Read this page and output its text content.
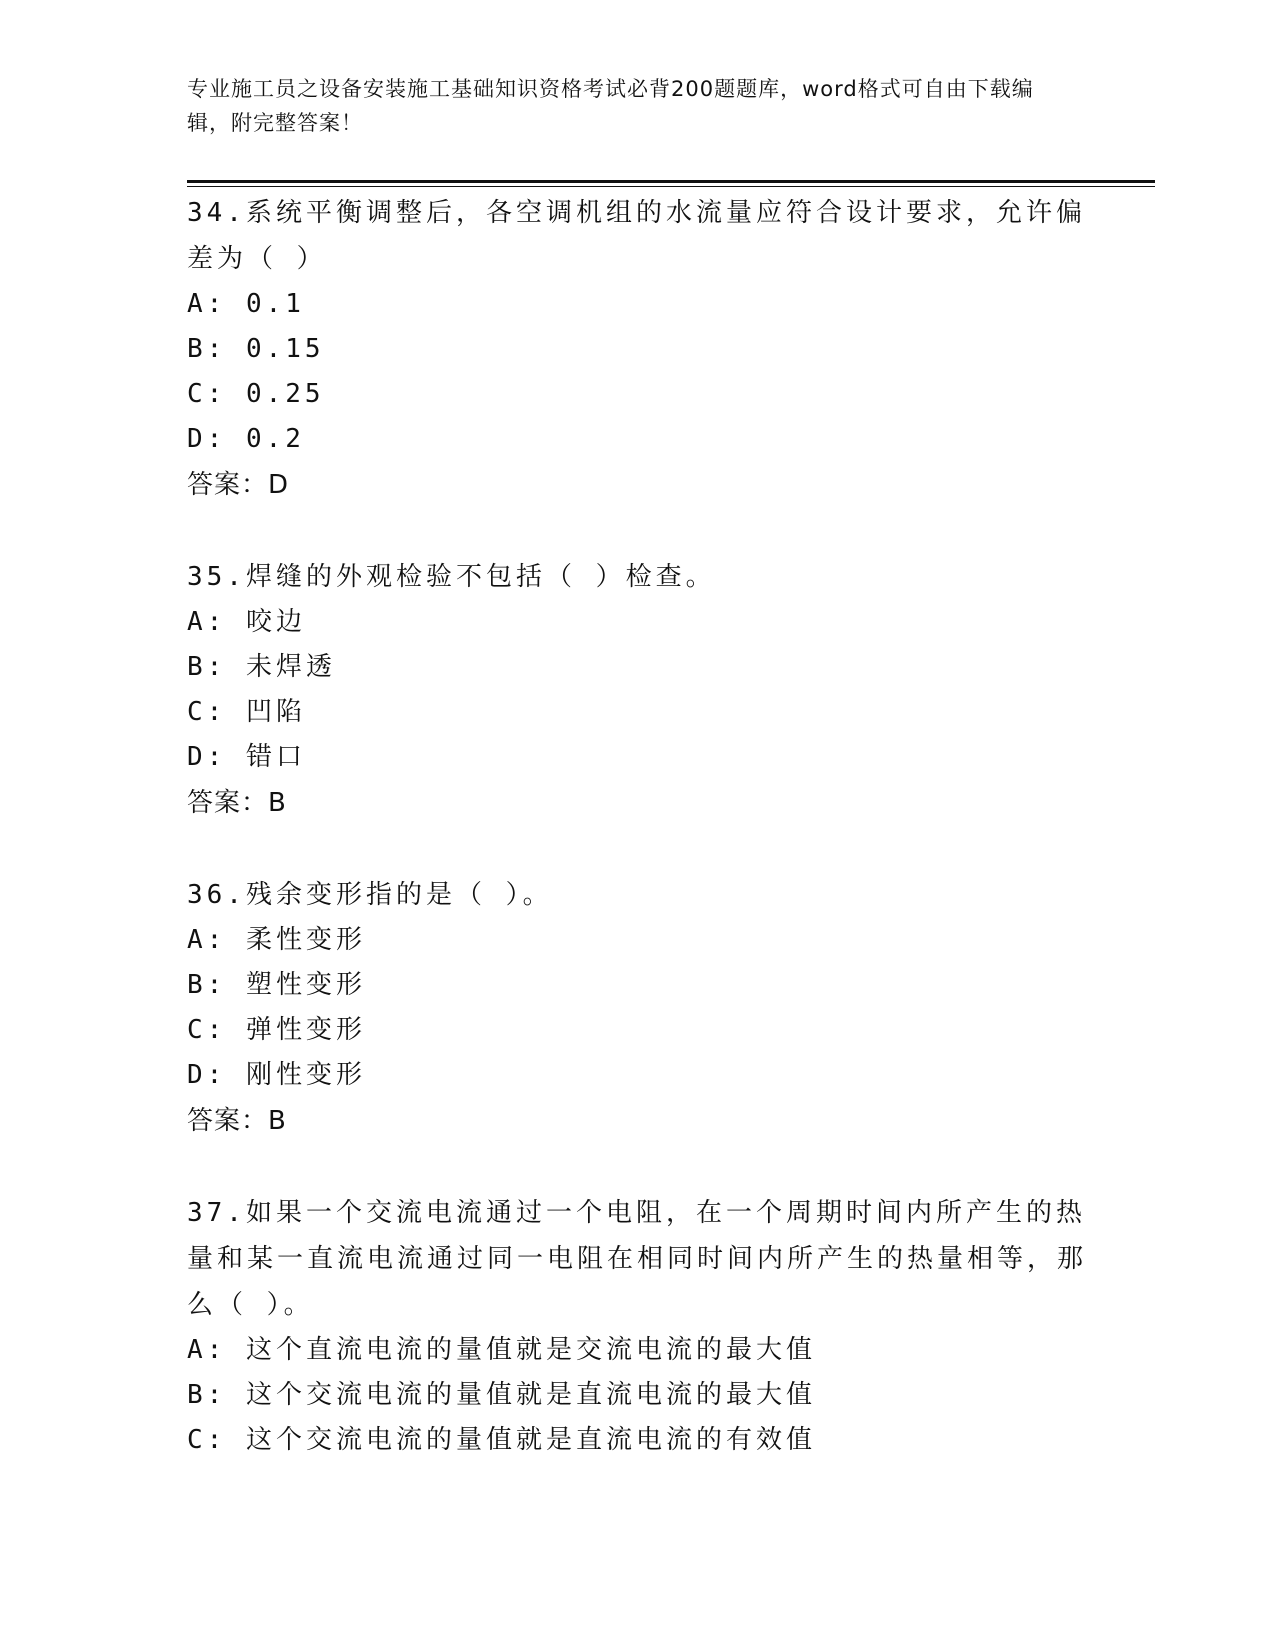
专业施工员之设备安装施工基础知识资格考试必背200题题库，word格式可自由下载编辑，附完整答案！

34.系统平衡调整后，各空调机组的水流量应符合设计要求，允许偏差为（ ）

A: 0.1

B: 0.15

C: 0.25

D: 0.2

答案：D

35.焊缝的外观检验不包括（ ）检查。

A: 咬边

B: 未焊透

C: 凹陷

D: 错口

答案：B

36.残余变形指的是（ ）。

A: 柔性变形

B: 塑性变形

C: 弹性变形

D: 刚性变形

答案：B

37.如果一个交流电流通过一个电阻，在一个周期时间内所产生的热量和某一直流电流通过同一电阻在相同时间内所产生的热量相等，那么（ ）。

A: 这个直流电流的量值就是交流电流的最大值

B: 这个交流电流的量值就是直流电流的最大值

C: 这个交流电流的量值就是直流电流的有效值
